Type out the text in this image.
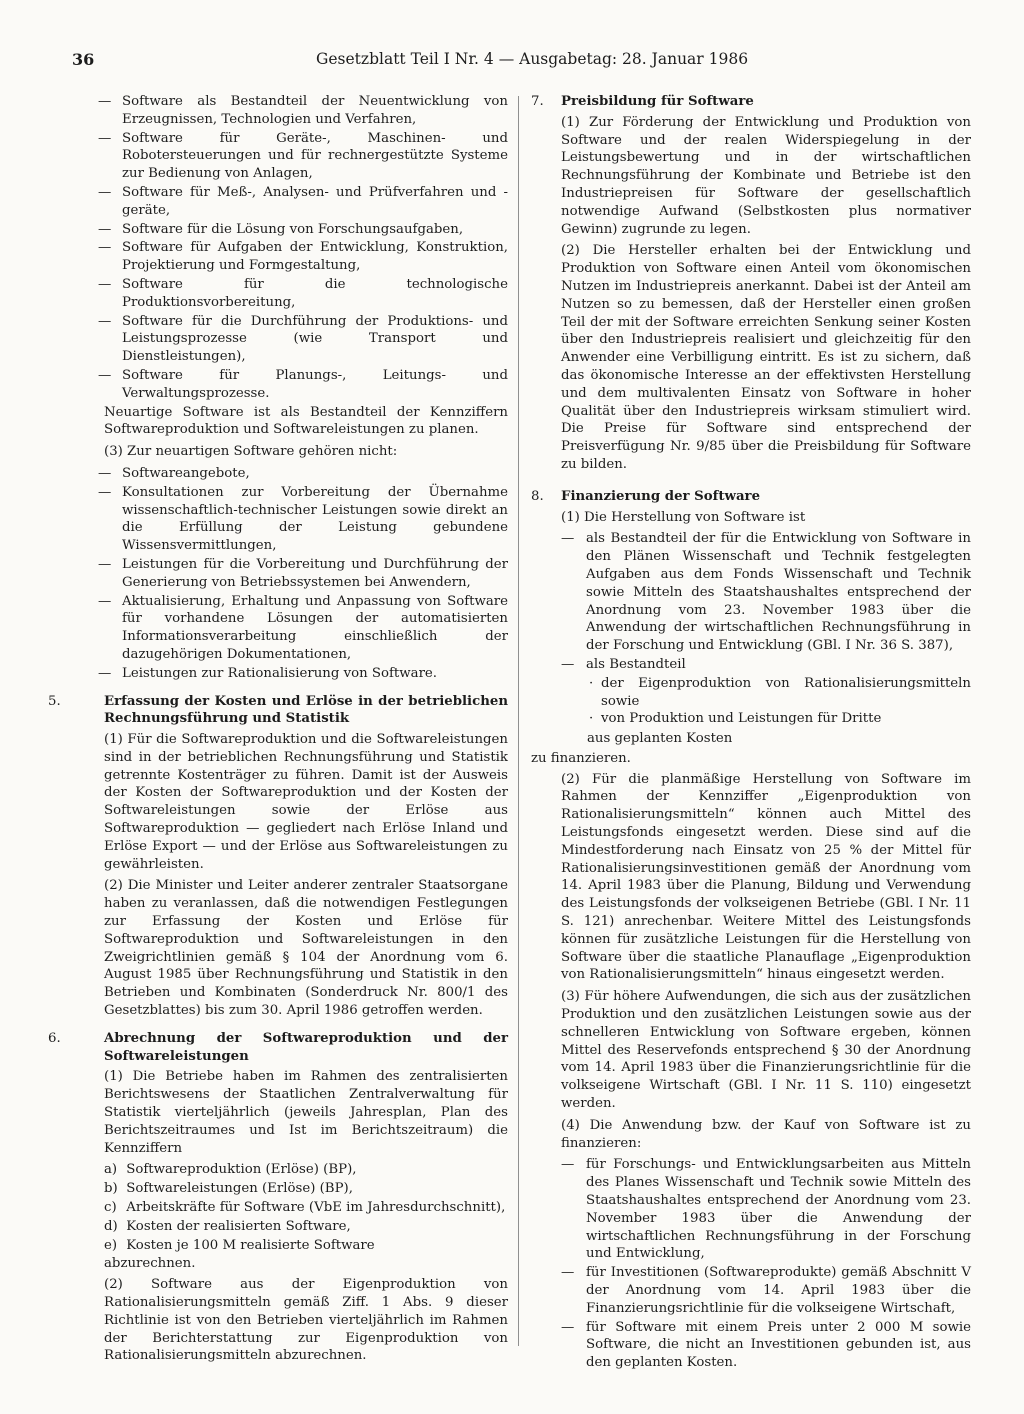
36	Gesetzblatt Teil I Nr. 4 — Ausgabetag: 28. Januar 1986
— Software als Bestandteil der Neuentwicklung von Erzeugnissen, Technologien und Verfahren,
— Software für Geräte-, Maschinen- und Robotersteuerungen und für rechnergestützte Systeme zur Bedienung von Anlagen,
— Software für Meß-, Analysen- und Prüfverfahren und -geräte,
— Software für die Lösung von Forschungsaufgaben,
— Software für Aufgaben der Entwicklung, Konstruktion, Projektierung und Formgestaltung,
— Software für die technologische Produktionsvorbereitung,
— Software für die Durchführung der Produktions- und Leistungsprozesse (wie Transport und Dienstleistungen),
— Software für Planungs-, Leitungs- und Verwaltungsprozesse.

Neuartige Software ist als Bestandteil der Kennziffern Softwareproduktion und Softwareleistungen zu planen.

(3) Zur neuartigen Software gehören nicht:

— Softwareangebote,
— Konsultationen zur Vorbereitung der Übernahme wissenschaftlich-technischer Leistungen sowie direkt an die Erfüllung der Leistung gebundene Wissensvermittlungen,
— Leistungen für die Vorbereitung und Durchführung der Generierung von Betriebssystemen bei Anwendern,
— Aktualisierung, Erhaltung und Anpassung von Software für vorhandene Lösungen der automatisierten Informationsverarbeitung einschließlich der dazugehörigen Dokumentationen,
— Leistungen zur Rationalisierung von Software.
5.	Erfassung der Kosten und Erlöse in der betrieblichen Rechnungsführung und Statistik

(1) Für die Softwareproduktion und die Softwareleistungen sind in der betrieblichen Rechnungsführung und Statistik getrennte Kostenträger zu führen. Damit ist der Ausweis der Kosten der Softwareproduktion und der Kosten der Softwareleistungen sowie der Erlöse aus Softwareproduktion — gegliedert nach Erlöse Inland und Erlöse Export — und der Erlöse aus Softwareleistungen zu gewährleisten.

(2) Die Minister und Leiter anderer zentraler Staatsorgane haben zu veranlassen, daß die notwendigen Festlegungen zur Erfassung der Kosten und Erlöse für Softwareproduktion und Softwareleistungen in den Zweigrichtlinien gemäß § 104 der Anordnung vom 6. August 1985 über Rechnungsführung und Statistik in den Betrieben und Kombinaten (Sonderdruck Nr. 800/1 des Gesetzblattes) bis zum 30. April 1986 getroffen werden.

6.	Abrechnung der Softwareproduktion und der Softwareleistungen

(1) Die Betriebe haben im Rahmen des zentralisierten Berichtswesens der Staatlichen Zentralverwaltung für Statistik vierteljährlich (jeweils Jahresplan, Plan des Berichtszeitraumes und Ist im Berichtszeitraum) die Kennziffern

a) Softwareproduktion (Erlöse) (BP),
b) Softwareleistungen (Erlöse) (BP),
c) Arbeitskräfte für Software (VbE im Jahresdurchschnitt),
d) Kosten der realisierten Software,
e) Kosten je 100 M realisierte Software

abzurechnen.

(2) Software aus der Eigenproduktion von Rationalisierungsmitteln gemäß Ziff. 1 Abs. 9 dieser Richtlinie ist von den Betrieben vierteljährlich im Rahmen der Berichterstattung zur Eigenproduktion von Rationalisierungsmitteln abzurechnen.

7. Preisbildung für Software

(1) Zur Förderung der Entwicklung und Produktion von Software und der realen Widerspiegelung in der Leistungsbewertung und in der wirtschaftlichen Rechnungsführung der Kombinate und Betriebe ist den Industriepreisen für Software der gesellschaftlich notwendige Aufwand (Selbstkosten plus normativer Gewinn) zugrunde zu legen.

(2) Die Hersteller erhalten bei der Entwicklung und Produktion von Software einen Anteil vom ökonomischen Nutzen im Industriepreis anerkannt. Dabei ist der Anteil am Nutzen so zu bemessen, daß der Hersteller einen großen Teil der mit der Software erreichten Senkung seiner Kosten über den Industriepreis realisiert und gleichzeitig für den Anwender eine Verbilligung eintritt. Es ist zu sichern, daß das ökonomische Interesse an der effektivsten Herstellung und dem multivalenten Einsatz von Software in hoher Qualität über den Industriepreis wirksam stimuliert wird. Die Preise für Software sind entsprechend der Preisverfügung Nr. 9/85 über die Preisbildung für Software zu bilden.

8. Finanzierung der Software

(1) Die Herstellung von Software ist

— als Bestandteil der für die Entwicklung von Software in den Plänen Wissenschaft und Technik festgelegten Aufgaben aus dem Fonds Wissenschaft und Technik sowie Mitteln des Staatshaushaltes entsprechend der Anordnung vom 23. November 1983 über die Anwendung der wirtschaftlichen Rechnungsführung in der Forschung und Entwicklung (GBl. I Nr. 36 S. 387),
— als Bestandteil
· der Eigenproduktion von Rationalisierungsmitteln sowie
· von Produktion und Leistungen für Dritte

aus geplanten Kosten

zu finanzieren.

(2) Für die planmäßige Herstellung von Software im Rahmen der Kennziffer „Eigenproduktion von Rationalisierungsmitteln“ können auch Mittel des Leistungsfonds eingesetzt werden. Diese sind auf die Mindestforderung nach Einsatz von 25 % der Mittel für Rationalisierungsinvestitionen gemäß der Anordnung vom 14. April 1983 über die Planung, Bildung und Verwendung des Leistungsfonds der volkseigenen Betriebe (GBl. I Nr. 11 S. 121) anrechenbar. Weitere Mittel des Leistungsfonds können für zusätzliche Leistungen für die Herstellung von Software über die staatliche Planauflage „Eigenproduktion von Rationalisierungsmitteln“ hinaus eingesetzt werden.

(3) Für höhere Aufwendungen, die sich aus der zusätzlichen Produktion und den zusätzlichen Leistungen sowie aus der schnelleren Entwicklung von Software ergeben, können Mittel des Reservefonds entsprechend § 30 der Anordnung vom 14. April 1983 über die Finanzierungsrichtlinie für die volkseigene Wirtschaft (GBl. I Nr. 11 S. 110) eingesetzt werden.

(4) Die Anwendung bzw. der Kauf von Software ist zu finanzieren:

— für Forschungs- und Entwicklungsarbeiten aus Mitteln des Planes Wissenschaft und Technik sowie Mitteln des Staatshaushaltes entsprechend der Anordnung vom 23. November 1983 über die Anwendung der wirtschaftlichen Rechnungsführung in der Forschung und Entwicklung,
— für Investitionen (Softwareprodukte) gemäß Abschnitt V der Anordnung vom 14. April 1983 über die Finanzierungsrichtlinie für die volkseigene Wirtschaft,
— für Software mit einem Preis unter 2 000 M sowie Software, die nicht an Investitionen gebunden ist, aus den geplanten Kosten.
